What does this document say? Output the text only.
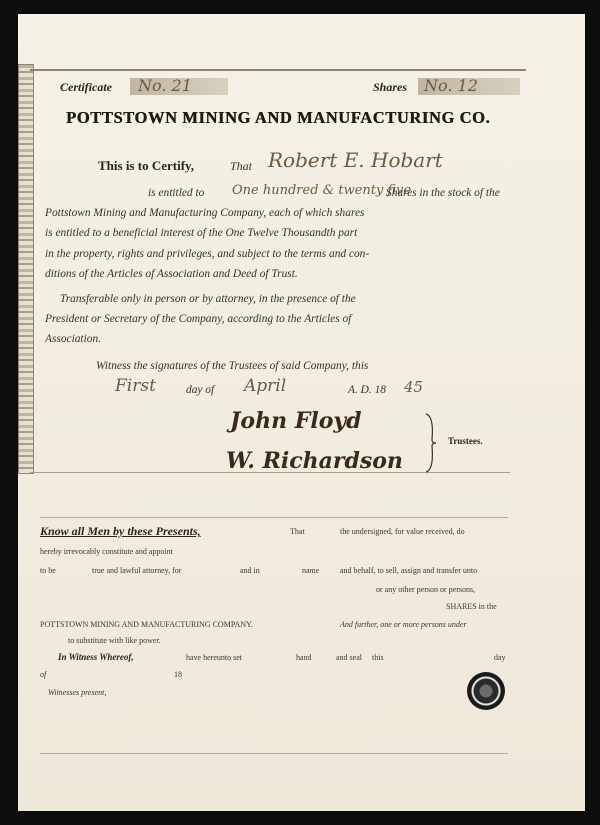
Certificate No. 21	Shares No. 12
POTTSTOWN MINING AND MANUFACTURING CO.
This is to Certify,	That Robert E. Hobart
is entitled to One hundred & twenty five
Shares in the stock of the
Pottstown Mining and Manufacturing Company, each of which shares
is entitled to a beneficial interest of the One Twelve Thousandth part
in the property, rights and privileges, and subject to the terms and con-
ditions of the Articles of Association and Deed of Trust.
Transferable only in person or by attorney, in the presence of the
President or Secretary of the Company, according to the Articles of
Association.
Witness the signatures of the Trustees of said Company, this
First	day of April	A. D. 18 45
John Floyd
W. Richardson
Trustees.
Know all Men by these Presents,	That	the undersigned, for value received, do
hereby irrevocably constitute and appoint
to be	true and lawful attorney, for	and in	name	and behalf, to sell, assign and transfer unto
or any other person or persons,
SHARES in the
POTTSTOWN MINING AND MANUFACTURING COMPANY.	And further, one or more persons under
to substitute with like power.
In Witness Whereof,	have hereunto set	hand	and seal this	day
of	18
Witnesses present,
